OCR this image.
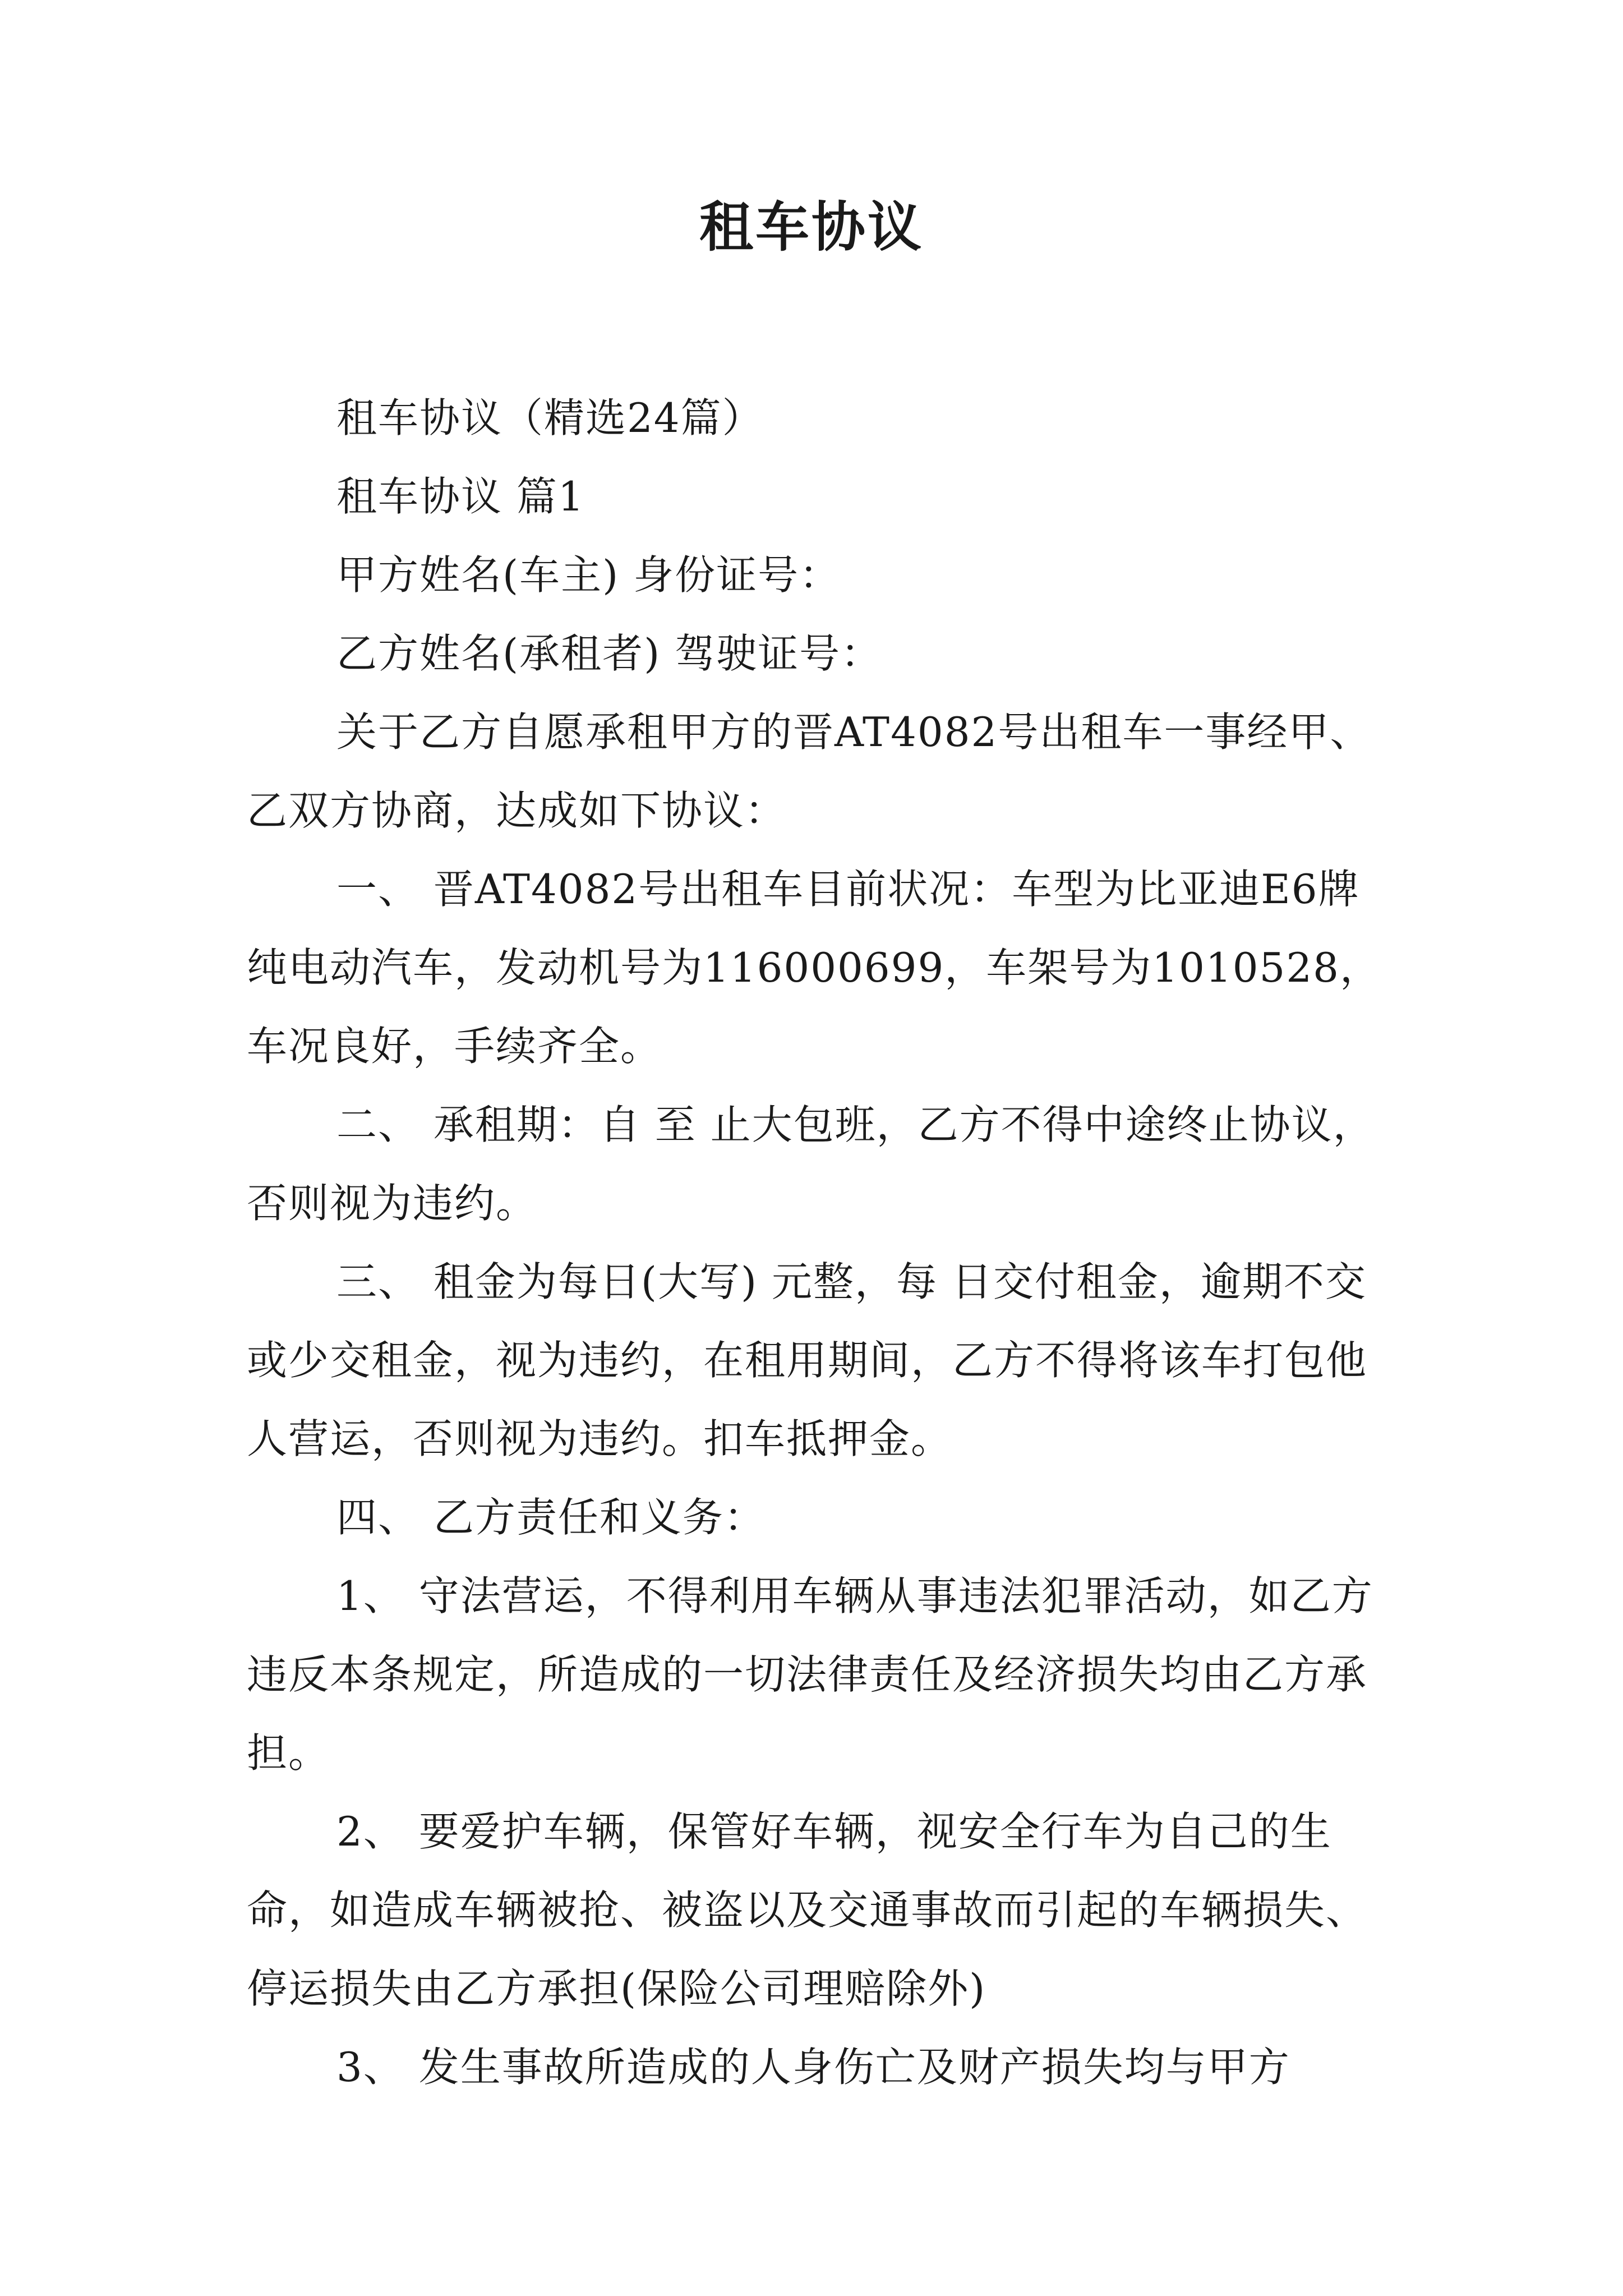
租车协议

租车协议（精选24篇）

租车协议 篇1

甲方姓名(车主) 身份证号：

乙方姓名(承租者) 驾驶证号：

关于乙方自愿承租甲方的晋AT4082号出租车一事经甲、乙双方协商，达成如下协议：

一、 晋AT4082号出租车目前状况：车型为比亚迪E6牌纯电动汽车，发动机号为116000699，车架号为1010528，车况良好，手续齐全。

二、 承租期：自 至 止大包班，乙方不得中途终止协议，否则视为违约。

三、 租金为每日(大写) 元整，每 日交付租金，逾期不交或少交租金，视为违约，在租用期间，乙方不得将该车打包他人营运，否则视为违约。扣车抵押金。

四、 乙方责任和义务：

1、 守法营运，不得利用车辆从事违法犯罪活动，如乙方违反本条规定，所造成的一切法律责任及经济损失均由乙方承担。

2、 要爱护车辆，保管好车辆，视安全行车为自己的生命，如造成车辆被抢、被盗以及交通事故而引起的车辆损失、停运损失由乙方承担(保险公司理赔除外)

3、 发生事故所造成的人身伤亡及财产损失均与甲方
